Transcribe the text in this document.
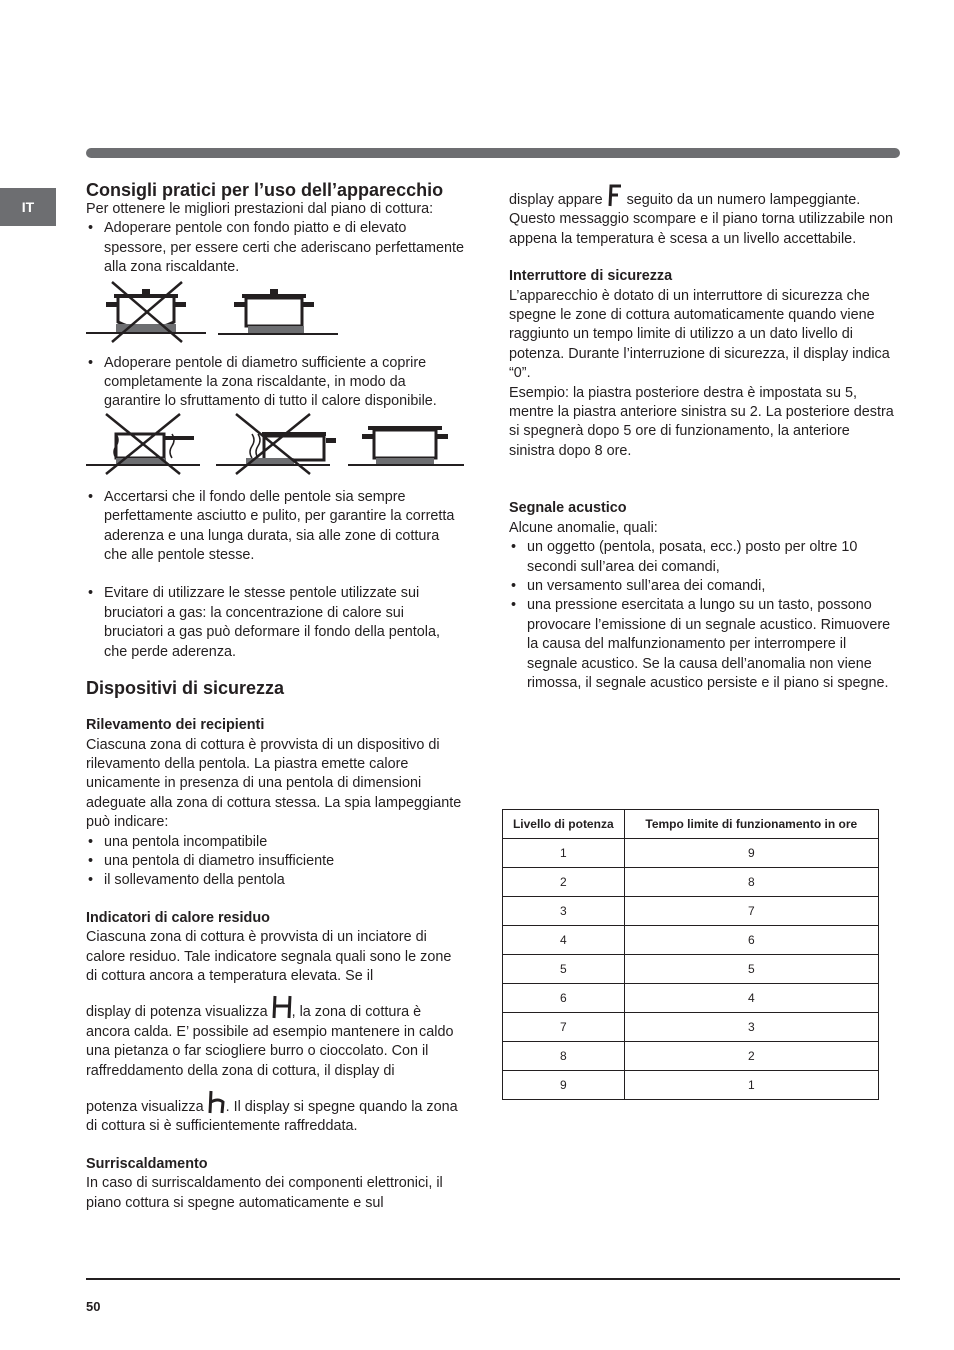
IT
Consigli pratici per l’uso dell’apparecchio

Per ottenere le migliori prestazioni dal piano di cottura:

• Adoperare pentole con fondo piatto e di elevato spessore, per essere certi che aderiscano perfettamente alla zona riscaldante.
• Adoperare pentole di diametro sufficiente a coprire completamente la zona riscaldante, in modo da garantire lo sfruttamento di tutto il calore disponibile.
• Accertarsi che il fondo delle pentole sia sempre perfettamente asciutto e pulito, per garantire la corretta aderenza e una lunga durata, sia alle zone di cottura che alle pentole stesse.
• Evitare di utilizzare le stesse pentole utilizzate sui bruciatori a gas: la concentrazione di calore sui bruciatori a gas può deformare il fondo della pentola, che perde aderenza.
Dispositivi di sicurezza
Rilevamento dei recipienti

Ciascuna zona di cottura è provvista di un dispositivo di rilevamento della pentola. La piastra emette calore unicamente in presenza di una pentola di dimensioni adeguate alla zona di cottura stessa. La spia lampeggiante può indicare:

• una pentola incompatibile
• una pentola di diametro insufficiente
• il sollevamento della pentola
Indicatori di calore residuo

Ciascuna zona di cottura è provvista di un inciatore di calore residuo. Tale indicatore segnala quali sono le zone di cottura ancora a temperatura elevata. Se il

display di potenza visualizza , la zona di cottura è ancora calda. E’ possibile ad esempio mantenere in caldo una pietanza o far sciogliere burro o cioccolato. Con il raffreddamento della zona di cottura, il display di

potenza visualizza . Il display si spegne quando la zona di cottura si è sufficientemente raffreddata.

Surriscaldamento

In caso di surriscaldamento dei componenti elettronici, il piano cottura si spegne automaticamente e sul

display appare  seguito da un numero lampeggiante. Questo messaggio scompare e il piano torna utilizzabile non appena la temperatura è scesa a un livello accettabile.

Interruttore di sicurezza

L’apparecchio è dotato di un interruttore di sicurezza che spegne le zone di cottura automaticamente quando viene raggiunto un tempo limite di utilizzo a un dato livello di potenza. Durante l’interruzione di sicurezza, il display indica “0”.

Esempio: la piastra posteriore destra è impostata su 5, mentre la piastra anteriore sinistra su 2. La posteriore destra si spegnerà dopo 5 ore di funzionamento, la anteriore sinistra dopo 8 ore.

Segnale acustico

Alcune anomalie, quali:

• un oggetto (pentola, posata, ecc.) posto per oltre 10 secondi sull’area dei comandi,
• un versamento sull’area dei comandi,
• una pressione esercitata a lungo su un tasto, possono provocare l’emissione di un segnale acustico. Rimuovere la causa del malfunzionamento per interrompere il segnale acustico. Se la causa dell’anomalia non viene rimossa, il segnale acustico persiste e il piano si spegne.
Livello di potenza	Tempo limite di funzionamento in ore
1	9
2	8
3	7
4	6
5	5
6	4
7	3
8	2
9	1
50
